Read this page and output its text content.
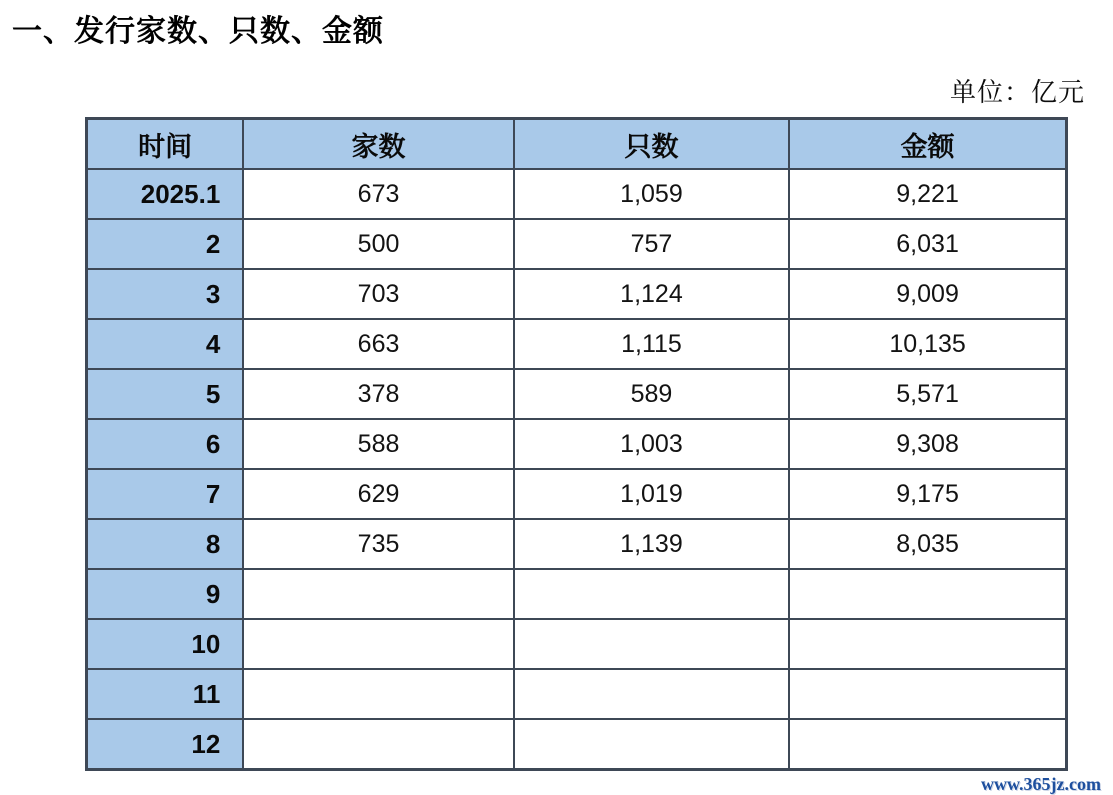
一、发行家数、只数、金额
单位：亿元
时间	家数	只数	金额
2025.1	673	1,059	9,221
2	500	757	6,031
3	703	1,124	9,009
4	663	1,115	10,135
5	378	589	5,571
6	588	1,003	9,308
7	629	1,019	9,175
8	735	1,139	8,035
9			
10			
11			
12			
www.365jz.com
